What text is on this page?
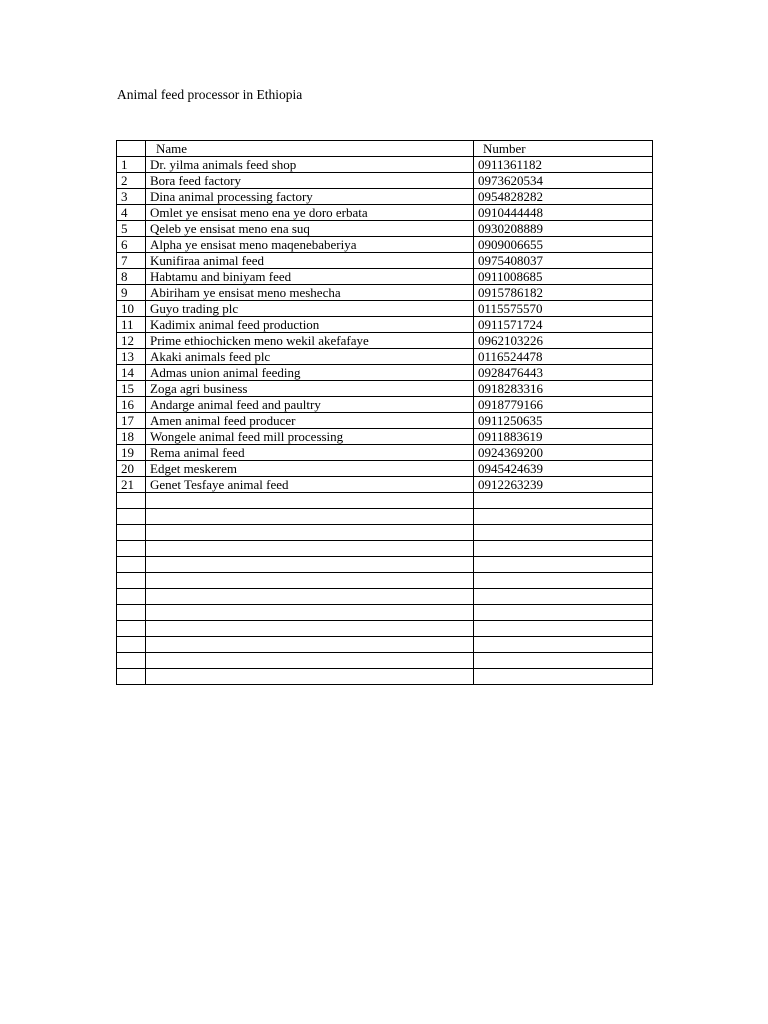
Animal feed processor in Ethiopia
	Name	Number
1	Dr. yilma animals feed shop	0911361182
2	Bora feed factory	0973620534
3	Dina animal processing factory	0954828282
4	Omlet ye ensisat meno ena ye doro erbata	0910444448
5	Qeleb ye ensisat meno ena suq	0930208889
6	Alpha ye ensisat meno maqenebaberiya	0909006655
7	Kunifiraa animal feed	0975408037
8	Habtamu and biniyam feed	0911008685
9	Abiriham ye ensisat meno meshecha	0915786182
10	Guyo trading plc	0115575570
11	Kadimix animal feed production	0911571724
12	Prime ethiochicken meno wekil akefafaye	0962103226
13	Akaki animals feed plc	0116524478
14	Admas union animal feeding	0928476443
15	Zoga agri business	0918283316
16	Andarge animal feed and paultry	0918779166
17	Amen animal feed producer	0911250635
18	Wongele animal feed mill processing	0911883619
19	Rema animal feed	0924369200
20	Edget meskerem	0945424639
21	Genet Tesfaye animal feed	0912263239
